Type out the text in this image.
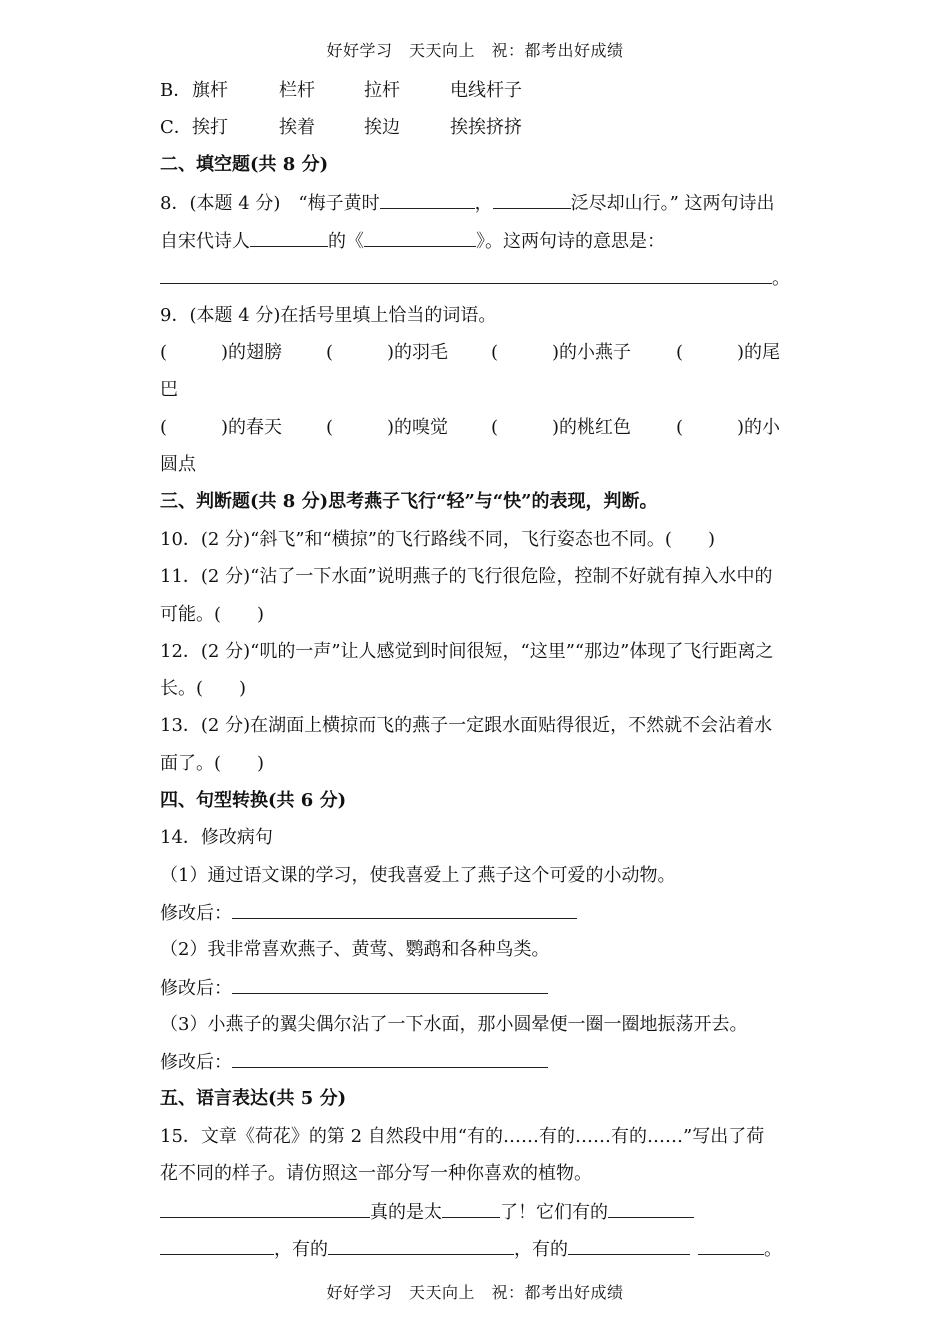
好好学习　天天向上　祝：都考出好成绩
B． 旗杆	栏杆	拉杆	电线杆子
C． 挨打	挨着	挨边	挨挨挤挤
二、填空题(共 8 分)
8．(本题 4 分)　“梅子黄时	，	泛尽却山行。” 这两句诗出
自宋代诗人	的《	》。这两句诗的意思是：
。
9．(本题 4 分)在括号里填上恰当的词语。
(　　　)的翅膀 (　　　)的羽毛 (　　　)的小燕子 (　　　)的尾
巴
(　　　)的春天 (　　　)的嗅觉 (　　　)的桃红色 (　　　)的小
圆点
三、判断题(共 8 分)思考燕子飞行“轻”与“快”的表现，判断。
10．(2 分)“斜飞”和“横掠”的飞行路线不同，飞行姿态也不同。(　　)
11．(2 分)“沾了一下水面”说明燕子的飞行很危险，控制不好就有掉入水中的
可能。(　　)
12．(2 分)“叽的一声”让人感觉到时间很短，“这里”“那边”体现了飞行距离之
长。(　　)
13．(2 分)在湖面上横掠而飞的燕子一定跟水面贴得很近，不然就不会沾着水
面了。(　　)
四、句型转换(共 6 分)
14．修改病句
（1）通过语文课的学习，使我喜爱上了燕子这个可爱的小动物。
修改后：
（2）我非常喜欢燕子、黄莺、鹦鹉和各种鸟类。
修改后：
（3）小燕子的翼尖偶尔沾了一下水面，那小圆晕便一圈一圈地振荡开去。
修改后：
五、语言表达(共 5 分)
15．文章《荷花》的第 2 自然段中用“有的……有的……有的……”写出了荷
花不同的样子。请仿照这一部分写一种你喜欢的植物。
真的是太	了！它们有的
，有的	，有的	。
好好学习　天天向上　祝：都考出好成绩
